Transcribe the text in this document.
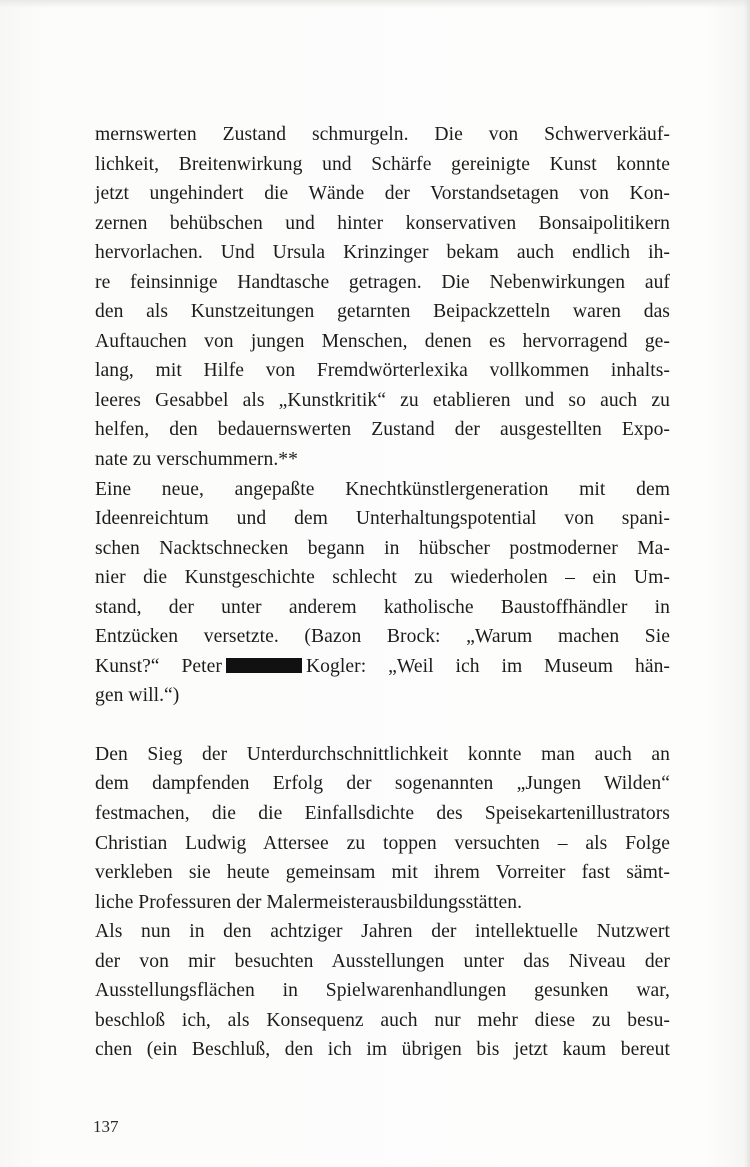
mernswerten Zustand schmurgeln. Die von Schwerverkäuf-

lichkeit, Breitenwirkung und Schärfe gereinigte Kunst konnte

jetzt ungehindert die Wände der Vorstandsetagen von Kon-

zernen behübschen und hinter konservativen Bonsaipolitikern

hervorlachen. Und Ursula Krinzinger bekam auch endlich ih-

re feinsinnige Handtasche getragen. Die Nebenwirkungen auf

den als Kunstzeitungen getarnten Beipackzetteln waren das

Auftauchen von jungen Menschen, denen es hervorragend ge-

lang, mit Hilfe von Fremdwörterlexika vollkommen inhalts-

leeres Gesabbel als „Kunstkritik“ zu etablieren und so auch zu

helfen, den bedauernswerten Zustand der ausgestellten Expo-

nate zu verschummern.**

Eine neue, angepaßte Knechtkünstlergeneration mit dem

Ideenreichtum und dem Unterhaltungspotential von spani-

schen Nacktschnecken begann in hübscher postmoderner Ma-

nier die Kunstgeschichte schlecht zu wiederholen – ein Um-

stand, der unter anderem katholische Baustoffhändler in

Entzücken versetzte. (Bazon Brock: „Warum machen Sie

Kunst?“ Peter	Kogler: „Weil ich im Museum hän-

gen will.“)

Den Sieg der Unterdurchschnittlichkeit konnte man auch an

dem dampfenden Erfolg der sogenannten „Jungen Wilden“

festmachen, die die Einfallsdichte des Speisekartenillustrators

Christian Ludwig Attersee zu toppen versuchten – als Folge

verkleben sie heute gemeinsam mit ihrem Vorreiter fast sämt-

liche Professuren der Malermeisterausbildungsstätten.

Als nun in den achtziger Jahren der intellektuelle Nutzwert

der von mir besuchten Ausstellungen unter das Niveau der

Ausstellungsflächen in Spielwarenhandlungen gesunken war,

beschloß ich, als Konsequenz auch nur mehr diese zu besu-

chen (ein Beschluß, den ich im übrigen bis jetzt kaum bereut

137
